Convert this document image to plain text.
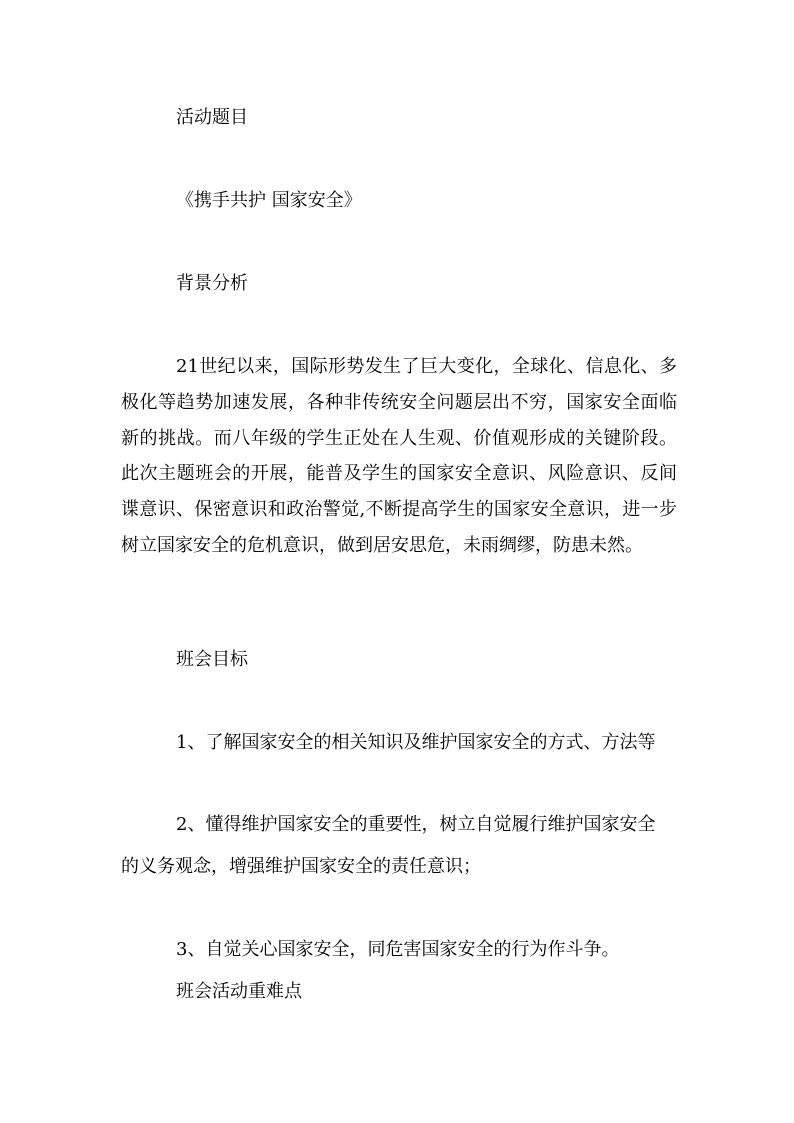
活动题目
《携手共护 国家安全》
背景分析
21世纪以来，国际形势发生了巨大变化，全球化、信息化、多极化等趋势加速发展，各种非传统安全问题层出不穷，国家安全面临新的挑战。而八年级的学生正处在人生观、价值观形成的关键阶段。此次主题班会的开展，能普及学生的国家安全意识、风险意识、反间谍意识、保密意识和政治警觉,不断提高学生的国家安全意识，进一步树立国家安全的危机意识，做到居安思危，未雨绸缪，防患未然。
班会目标
1、了解国家安全的相关知识及维护国家安全的方式、方法等
2、懂得维护国家安全的重要性，树立自觉履行维护国家安全
的义务观念，增强维护国家安全的责任意识；
3、自觉关心国家安全，同危害国家安全的行为作斗争。
班会活动重难点
